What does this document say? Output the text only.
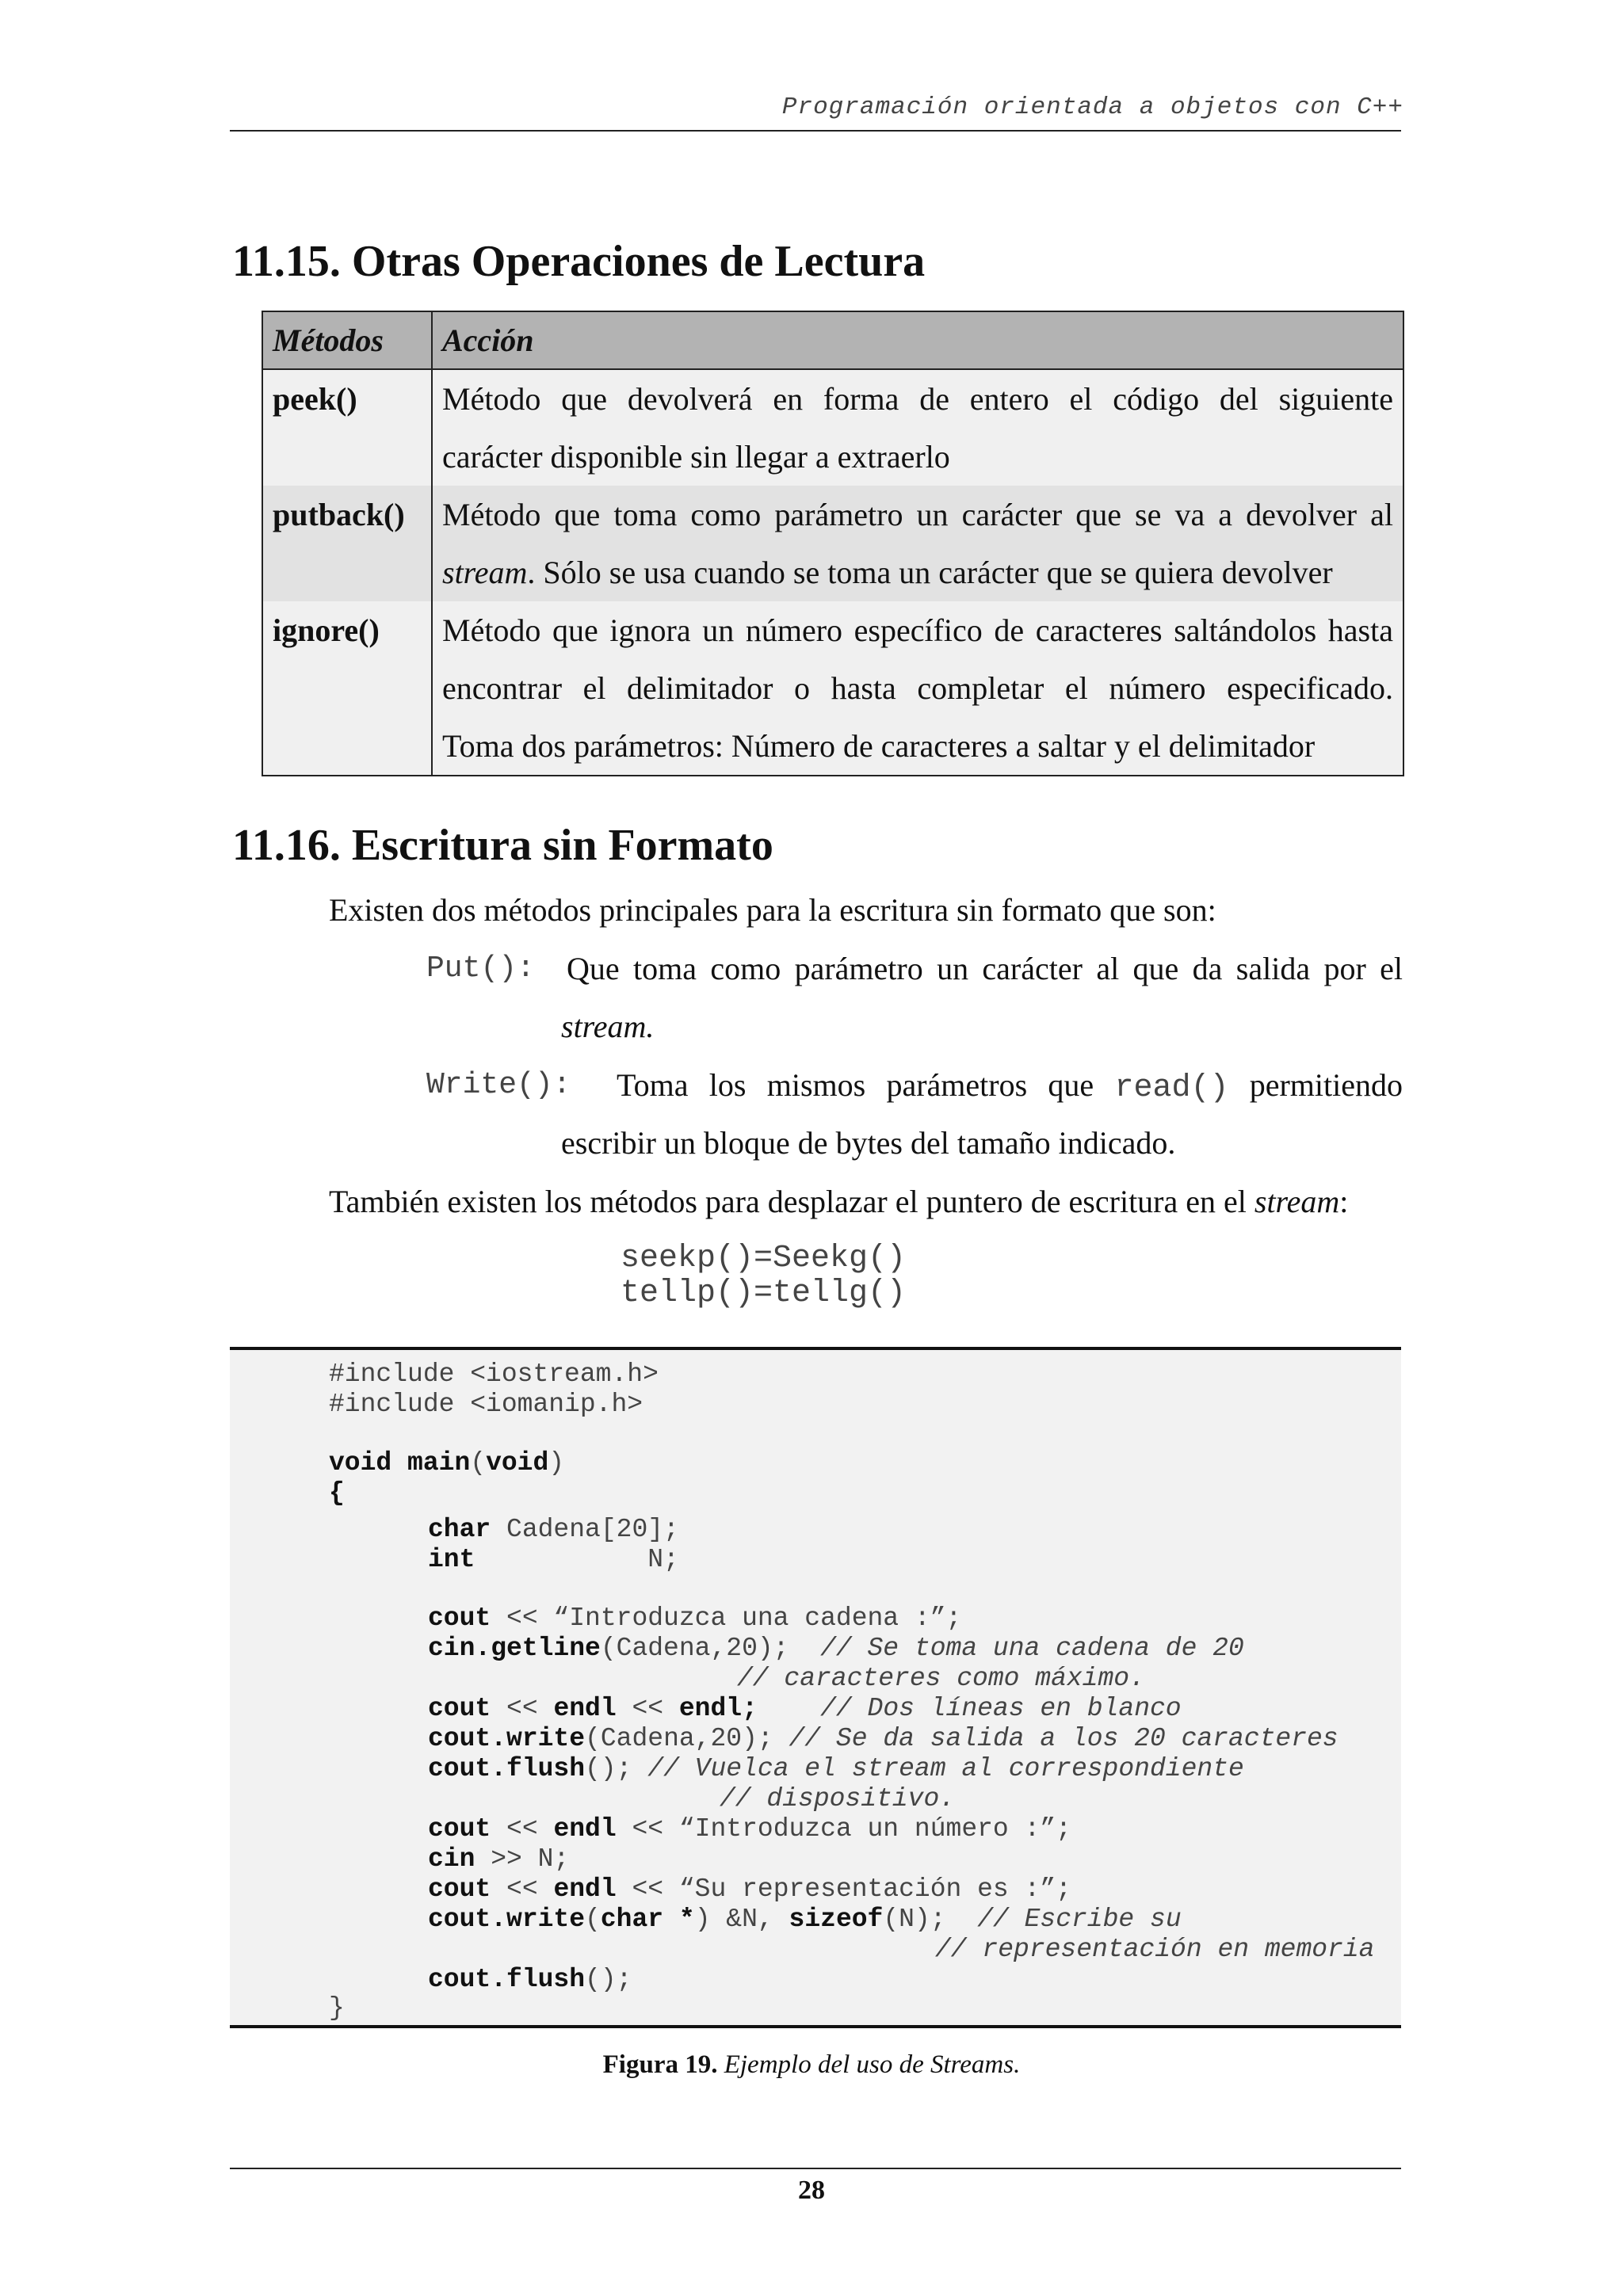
Programación orientada a objetos con C++
11.15. Otras Operaciones de Lectura
Métodos	Acción
peek()	Método que devolverá en forma de entero el código del siguiente
carácter disponible sin llegar a extraerlo

putback()	Método que toma como parámetro un carácter que se va a devolver al
stream. Sólo se usa cuando se toma un carácter que se quiera devolver

ignore()	Método que ignora un número específico de caracteres saltándolos hasta
encontrar el delimitador o hasta completar el número especificado.
Toma dos parámetros: Número de caracteres a saltar y el delimitador
11.16. Escritura sin Formato

Existen dos métodos principales para la escritura sin formato que son:

Put(): Que toma como parámetro un carácter al que da salida por el
stream.
Write(): Toma los mismos parámetros que read() permitiendo
escribir un bloque de bytes del tamaño indicado.

También existen los métodos para desplazar el puntero de escritura en el stream:

seekp()=Seekg()

tellp()=tellg()

#include <iostream.h>
#include <iomanip.h>
void main(void)
{
char Cadena[20];
int           N;
cout << “Introduzca una cadena :”;
cin.getline(Cadena,20);  // Se toma una cadena de 20
// caracteres como máximo.
cout << endl << endl; // Dos líneas en blanco
cout.write(Cadena,20); // Se da salida a los 20 caracteres
cout.flush(); // Vuelca el stream al correspondiente
// dispositivo.
cout << endl << “Introduzca un número :”;
cin >> N;
cout << endl << “Su representación es :”;
cout.write(char *) &N, sizeof(N);  // Escribe su
// representación en memoria
cout.flush();
}

Figura 19. Ejemplo del uso de Streams.

28
